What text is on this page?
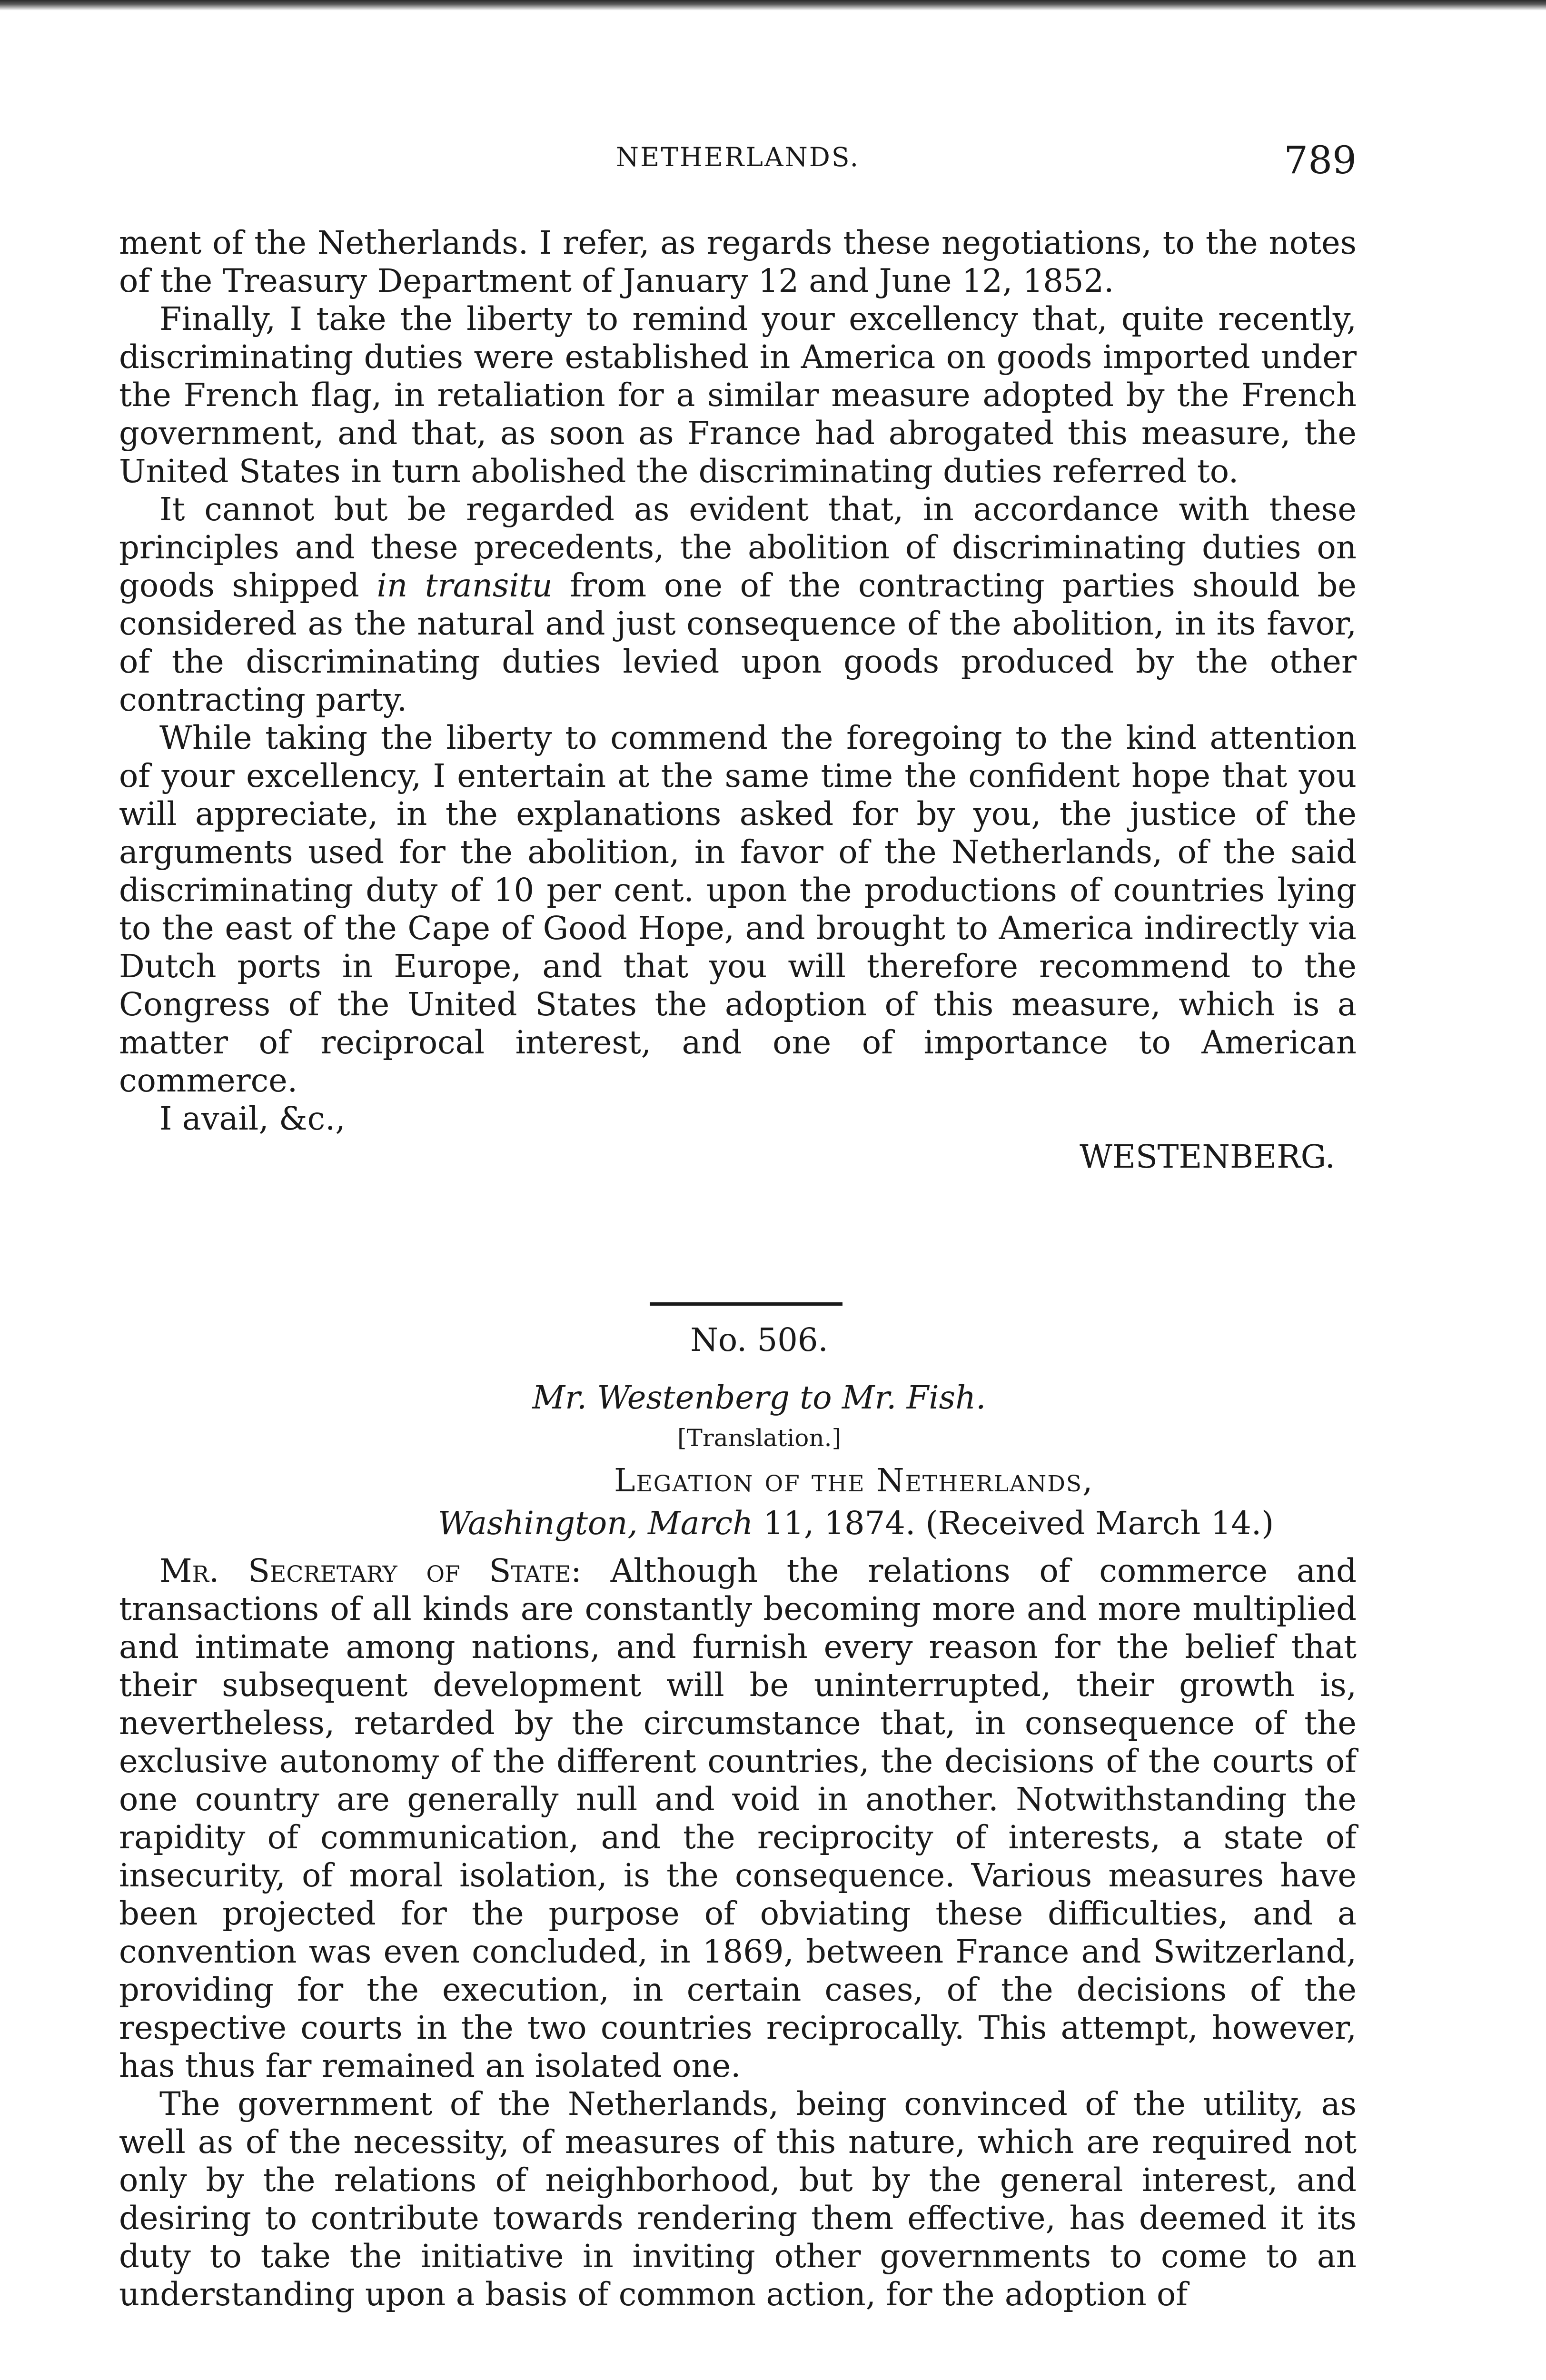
NETHERLANDS.	789

ment of the Netherlands. I refer, as regards these negotiations, to the notes of the Treasury Department of January 12 and June 12, 1852.

Finally, I take the liberty to remind your excellency that, quite recently, discriminating duties were established in America on goods imported under the French flag, in retaliation for a similar measure adopted by the French government, and that, as soon as France had abrogated this measure, the United States in turn abolished the discriminating duties referred to.

It cannot but be regarded as evident that, in accordance with these principles and these precedents, the abolition of discriminating duties on goods shipped in transitu from one of the contracting parties should be considered as the natural and just consequence of the abolition, in its favor, of the discriminating duties levied upon goods produced by the other contracting party.

While taking the liberty to commend the foregoing to the kind attention of your excellency, I entertain at the same time the confident hope that you will appreciate, in the explanations asked for by you, the justice of the arguments used for the abolition, in favor of the Netherlands, of the said discriminating duty of 10 per cent. upon the productions of countries lying to the east of the Cape of Good Hope, and brought to America indirectly via Dutch ports in Europe, and that you will therefore recommend to the Congress of the United States the adoption of this measure, which is a matter of reciprocal interest, and one of importance to American commerce.

I avail, &c.,
WESTENBERG.
No. 506.
Mr. Westenberg to Mr. Fish.
[Translation.]
Legation of the Netherlands,
Washington, March 11, 1874. (Received March 14.)

Mr. Secretary of State: Although the relations of commerce and transactions of all kinds are constantly becoming more and more multiplied and intimate among nations, and furnish every reason for the belief that their subsequent development will be uninterrupted, their growth is, nevertheless, retarded by the circumstance that, in consequence of the exclusive autonomy of the different countries, the decisions of the courts of one country are generally null and void in another. Notwithstanding the rapidity of communication, and the reciprocity of interests, a state of insecurity, of moral isolation, is the consequence. Various measures have been projected for the purpose of obviating these difficulties, and a convention was even concluded, in 1869, between France and Switzerland, providing for the execution, in certain cases, of the decisions of the respective courts in the two countries reciprocally. This attempt, however, has thus far remained an isolated one.

The government of the Netherlands, being convinced of the utility, as well as of the necessity, of measures of this nature, which are required not only by the relations of neighborhood, but by the general interest, and desiring to contribute towards rendering them effective, has deemed it its duty to take the initiative in inviting other governments to come to an understanding upon a basis of common action, for the adoption of
